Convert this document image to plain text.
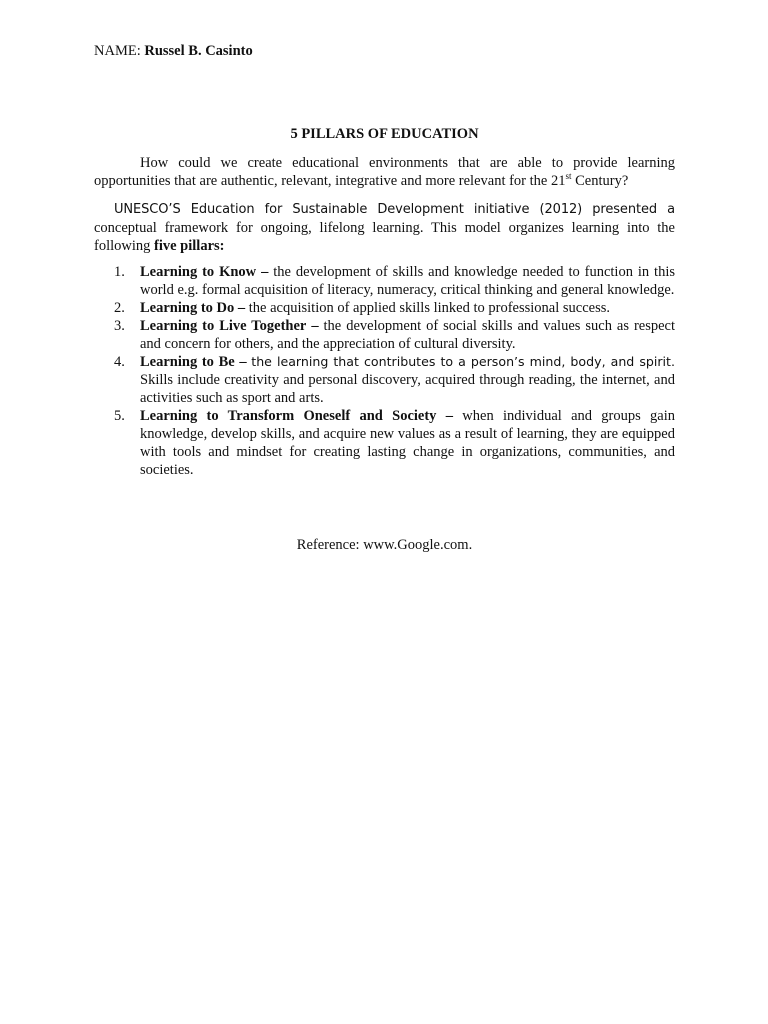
NAME: Russel B. Casinto
5 PILLARS OF EDUCATION

How could we create educational environments that are able to provide learning opportunities that are authentic, relevant, integrative and more relevant for the 21st Century?

UNESCO’S Education for Sustainable Development initiative (2012) presented a conceptual framework for ongoing, lifelong learning. This model organizes learning into the following five pillars:

1. Learning to Know – the development of skills and knowledge needed to function in this world e.g. formal acquisition of literacy, numeracy, critical thinking and general knowledge.
2. Learning to Do – the acquisition of applied skills linked to professional success.
3. Learning to Live Together – the development of social skills and values such as respect and concern for others, and the appreciation of cultural diversity.
4. Learning to Be – the learning that contributes to a person’s mind, body, and spirit. Skills include creativity and personal discovery, acquired through reading, the internet, and activities such as sport and arts.
5. Learning to Transform Oneself and Society – when individual and groups gain knowledge, develop skills, and acquire new values as a result of learning, they are equipped with tools and mindset for creating lasting change in organizations, communities, and societies.
Reference: www.Google.com.
